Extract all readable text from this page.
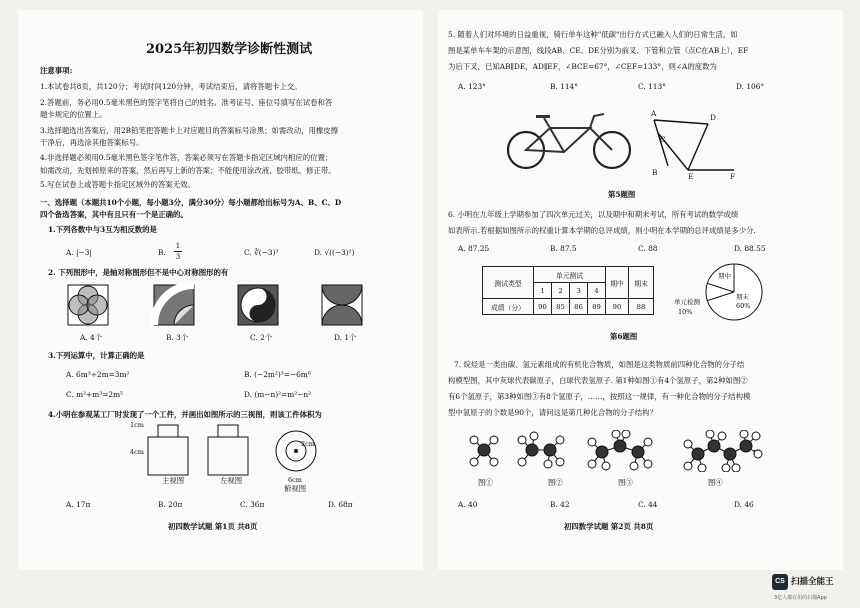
2025年初四数学诊断性测试
注意事项:
1.本试卷共8页，共120分；考试时间120分钟，考试结束后，请将答题卡上交。
2.答题前，务必用0.5毫米黑色的签字笔将自己的姓名、准考证号、座位号填写在试卷和答
题卡规定的位置上。
3.选择题选出答案后，用2B铅笔把答题卡上对应题目的答案标号涂黑；如需改动，用橡皮擦
干净后，再选涂其他答案标号。
4.非选择题必须用0.5毫米黑色签字笔作答，答案必须写在答题卡指定区域内相应的位置；
如需改动，先划掉原来的答案，然后再写上新的答案；不能使用涂改液、胶带纸、修正带。
5.写在试卷上或答题卡指定区域外的答案无效。
一、选择题（本题共10个小题，每小题3分，满分30分）每小题都给出标号为A、B、C、D
四个备选答案，其中有且只有一个是正确的。
1.下列各数中与3互为相反数的是
A. |−3|	B.
1
3	C. ∛(−3)³	D. √((−3)²)
2. 下列图形中，是轴对称图形但不是中心对称图形的有
A. 4个	B. 3个	C. 2个	D. 1个
3.下列运算中，计算正确的是
A. 6m³÷2m=3m²	B. (−2m²)³=−6m⁶
C. m²+m³=2m⁵	D. (m−n)²=m²−n²
4.小明在参观某工厂时发现了一个工件，并画出如图所示的三视图，则该工件体积为
1cm
4cm
2cm
6cm
主视图	左视图
俯视图
A. 17π	B. 20π	C. 36π	D. 68π
初四数学试题 第1页 共8页
5. 随着人们对环境的日益重视，骑行单车这种"低碳"出行方式已融入人们的日常生活，如
图是某单车车架的示意图，线段AB、CE、DE分别为前叉、下管和立管（点C在AB上），EF
为后下叉，已知AB∥DE，AD∥EF，∠BCE=67°，∠CEF=133°，则∠A的度数为
A. 123°	B. 114°	C. 113°	D. 106°
A	D
C
B	E	F
第5题图
6. 小明在九年级上学期参加了四次单元过关，以及期中和期末考试，所有考试的数学成绩
如表所示.若根据如图所示的权重计算本学期的总评成绩，则小明在本学期的总评成绩是多少分.
A. 87.25	B. 87.5	C. 88	D. 88.55
测试类型	单元测试				期中	期末
	1	2	3	4		
成绩（分）	90	85	86	89	90	88
期中
期末
60%
单元检测
10%
第6题图
7. 烷烃是一类由碳、氢元素组成的有机化合物质，如图是这类物质前四种化合物的分子结
构模型图，其中灰球代表碳原子，白球代表氢原子. 第1种如图①有4个氢原子，第2种如图②
有6个氢原子，第3种如图③有8个氢原子，……，按照这一规律，有一种化合物的分子结构模
型中氢原子的个数是90个，请问这是第几种化合物的分子结构？
···
图①	图②	图③	图④
A. 40	B. 42	C. 44	D. 46
初四数学试题 第2页 共8页
CS 扫描全能王
3亿人都在用的扫描App
